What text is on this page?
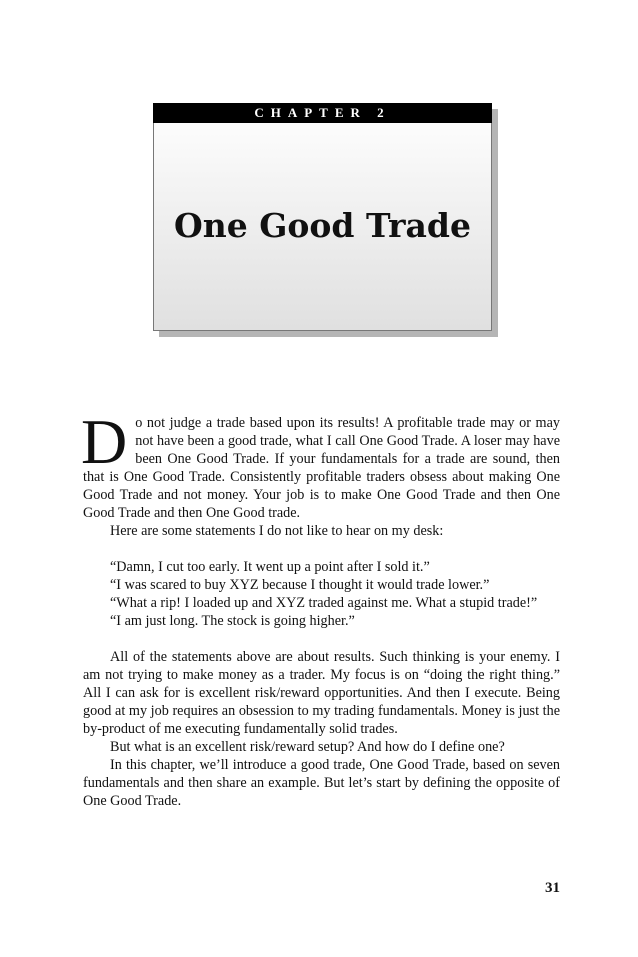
CHAPTER 2
One Good Trade

Do not judge a trade based upon its results! A profitable trade may or may not have been a good trade, what I call One Good Trade. A loser may have been One Good Trade. If your fundamentals for a trade are sound, then that is One Good Trade. Consistently profitable traders obsess about making One Good Trade and not money. Your job is to make One Good Trade and then One Good Trade and then One Good trade.

Here are some statements I do not like to hear on my desk:

“Damn, I cut too early. It went up a point after I sold it.”
“I was scared to buy XYZ because I thought it would trade lower.”
“What a rip! I loaded up and XYZ traded against me. What a stupid trade!”
“I am just long. The stock is going higher.”

All of the statements above are about results. Such thinking is your enemy. I am not trying to make money as a trader. My focus is on “doing the right thing.” All I can ask for is excellent risk/reward opportunities. And then I execute. Being good at my job requires an obsession to my trading fundamentals. Money is just the by-product of me executing fundamentally solid trades.

But what is an excellent risk/reward setup? And how do I define one?

In this chapter, we’ll introduce a good trade, One Good Trade, based on seven fundamentals and then share an example. But let’s start by defining the opposite of One Good Trade.

31
